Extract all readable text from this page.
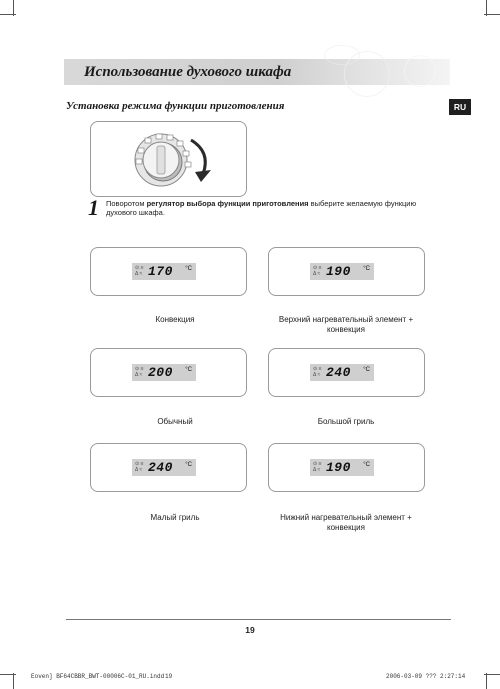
Использование духового шкафа
Установка режима функции приготовления	RU
1 Поворотом регулятор выбора функции приготовления выберите желаемую функцию духового шкафа.
⊙ ≡
Δ ≈ 170 °C
Конвекция
⊙ ≡
Δ ≈ 190 °C
Верхний нагревательный элемент + конвекция
⊙ ≡
Δ ≈ 200 °C
Обычный
⊙ ≡
Δ ≈ 240 °C
Большой гриль
⊙ ≡
Δ ≈ 240 °C
Малый гриль
⊙ ≡
Δ ≈ 190 °C
Нижний нагревательный элемент + конвекция
19
Eoven] BF64CBBR_BWT-00006C-01_RU.indd 19	2006-03-09 ??? 2:27:14
